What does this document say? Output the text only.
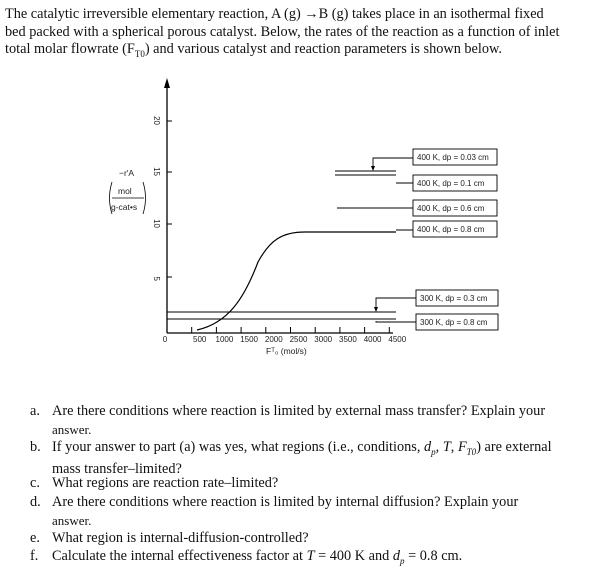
The catalytic irreversible elementary reaction, A (g) →B (g) takes place in an isothermal fixed

bed packed with a spherical porous catalyst. Below, the rates of the reaction as a function of inlet

total molar flowrate $(F_{T0})$ and various catalyst and reaction parameters is shown below.

20
15
10
5
0	500 1000 1500 2000 2500 3000 3500 4000 4500
Fᵀ₀ (mol/s)
−r′A
mol
g-cat•s
400 K, dp = 0.03 cm
400 K, dp = 0.1 cm
400 K, dp = 0.6 cm
400 K, dp = 0.8 cm
300 K, dp = 0.3 cm
300 K, dp = 0.8 cm
a. Are there conditions where reaction is limited by external mass transfer? Explain your
answer.
b. If your answer to part (a) was yes, what regions (i.e., conditions, $d_p$, T, $F_{T0}$) are external
mass transfer–limited?
c. What regions are reaction rate–limited?
d. Are there conditions where reaction is limited by internal diffusion? Explain your
answer.
e. What region is internal-diffusion-controlled?
f. Calculate the internal effectiveness factor at T = 400 K and $d_p = 0.8$ cm.
